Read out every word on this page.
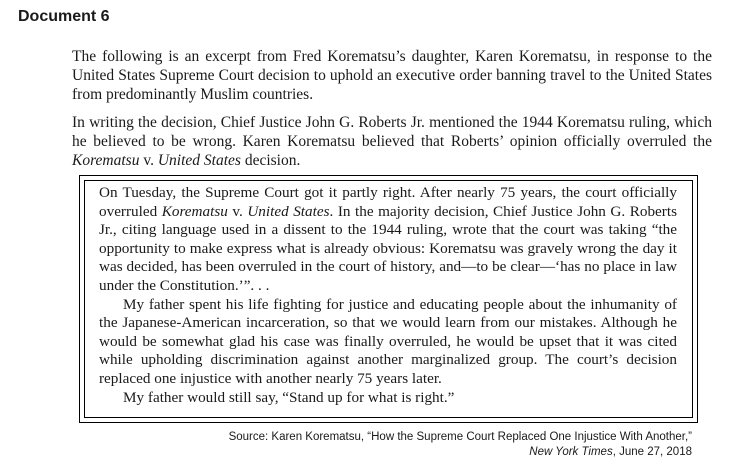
Document 6

The following is an excerpt from Fred Korematsu’s daughter, Karen Korematsu, in response to the United States Supreme Court decision to uphold an executive order banning travel to the United States from predominantly Muslim countries.

In writing the decision, Chief Justice John G. Roberts Jr. mentioned the 1944 Korematsu ruling, which he believed to be wrong. Karen Korematsu believed that Roberts’ opinion officially overruled the Korematsu v. United States decision.

On Tuesday, the Supreme Court got it partly right. After nearly 75 years, the court officially overruled Korematsu v. United States. In the majority decision, Chief Justice John G. Roberts Jr., citing language used in a dissent to the 1944 ruling, wrote that the court was taking “the opportunity to make express what is already obvious: Korematsu was gravely wrong the day it was decided, has been overruled in the court of history, and—to be clear—‘has no place in law under the Constitution.’”. . .

My father spent his life fighting for justice and educating people about the inhumanity of the Japanese-American incarceration, so that we would learn from our mistakes. Although he would be somewhat glad his case was finally overruled, he would be upset that it was cited while upholding discrimination against another marginalized group. The court’s decision replaced one injustice with another nearly 75 years later.

My father would still say, “Stand up for what is right.”

Source: Karen Korematsu, “How the Supreme Court Replaced One Injustice With Another,”
New York Times, June 27, 2018
